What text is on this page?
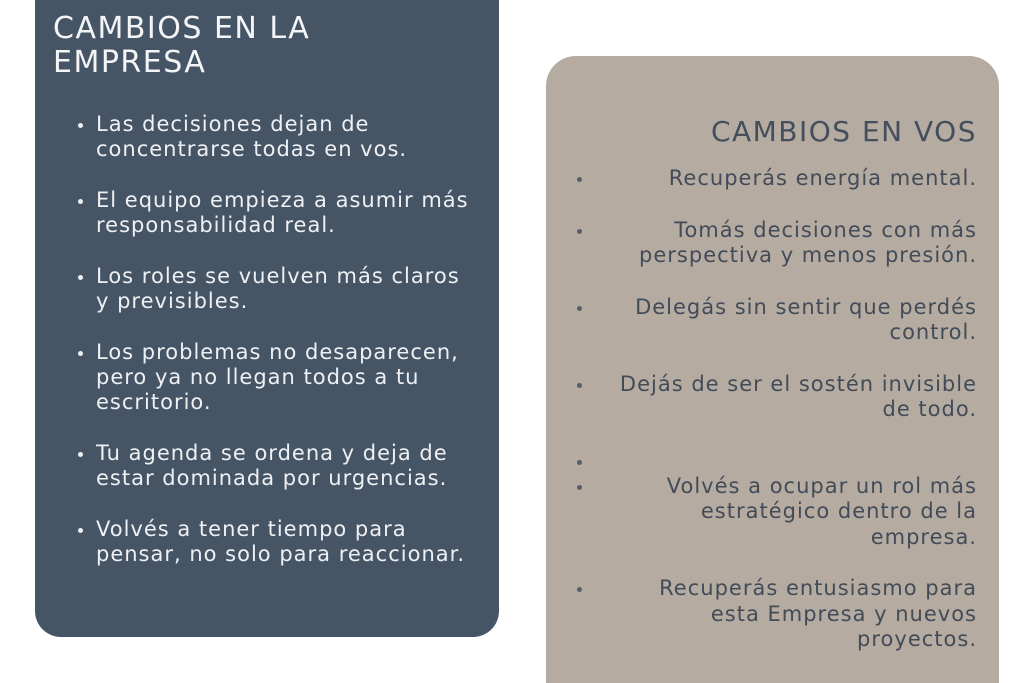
CAMBIOS EN LA
EMPRESA
Las decisiones dejan de concentrarse todas en vos.
El equipo empieza a asumir más responsabilidad real.
Los roles se vuelven más claros y previsibles.
Los problemas no desaparecen, pero ya no llegan todos a tu escritorio.
Tu agenda se ordena y deja de estar dominada por urgencias.
Volvés a tener tiempo para pensar, no solo para reaccionar.
CAMBIOS EN VOS
Recuperás energía mental.
Tomás decisiones con más perspectiva y menos presión.
Delegás sin sentir que perdés control.
Dejás de ser el sostén invisible de todo.
Volvés a ocupar un rol más estratégico dentro de la empresa.
Recuperás entusiasmo para esta Empresa y nuevos proyectos.
